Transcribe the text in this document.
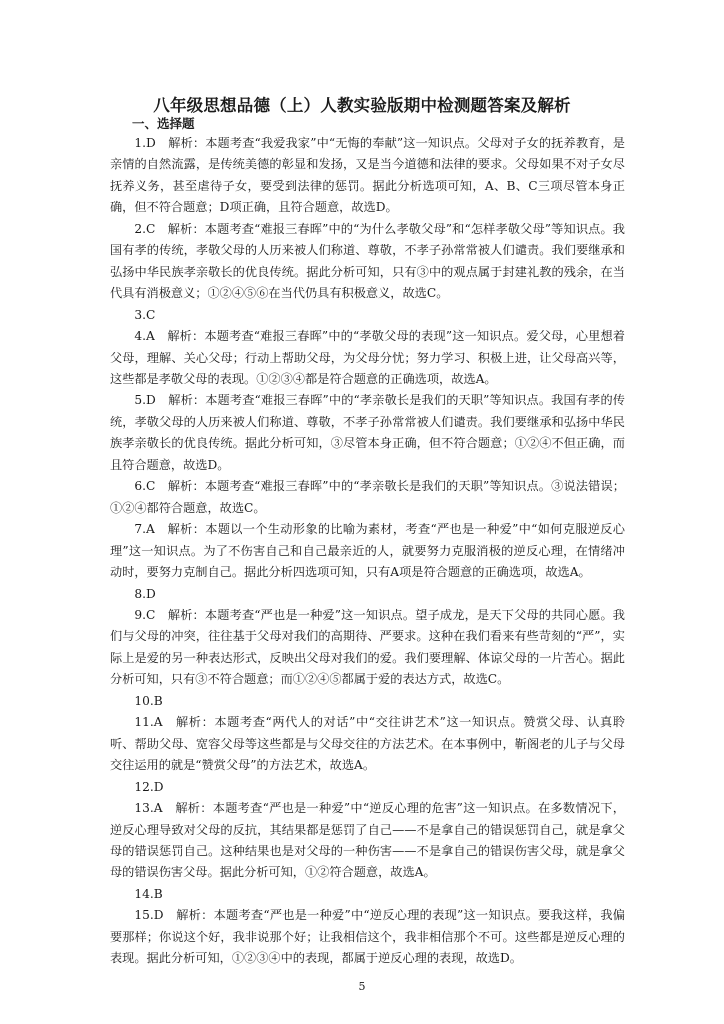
八年级思想品德（上）人教实验版期中检测题答案及解析
一、选择题

1.D　解析：本题考查“我爱我家”中“无悔的奉献”这一知识点。父母对子女的抚养教育，是亲情的自然流露，是传统美德的彰显和发扬，又是当今道德和法律的要求。父母如果不对子女尽抚养义务，甚至虐待子女，要受到法律的惩罚。据此分析选项可知，A、B、C三项尽管本身正确，但不符合题意；D项正确，且符合题意，故选D。

2.C　解析：本题考查“难报三春晖”中的“为什么孝敬父母”和“怎样孝敬父母”等知识点。我国有孝的传统，孝敬父母的人历来被人们称道、尊敬，不孝子孙常常被人们谴责。我们要继承和弘扬中华民族孝亲敬长的优良传统。据此分析可知，只有③中的观点属于封建礼教的残余，在当代具有消极意义；①②④⑤⑥在当代仍具有积极意义，故选C。

3.C

4.A　解析：本题考查“难报三春晖”中的“孝敬父母的表现”这一知识点。爱父母，心里想着父母，理解、关心父母；行动上帮助父母，为父母分忧；努力学习、积极上进，让父母高兴等，这些都是孝敬父母的表现。①②③④都是符合题意的正确选项，故选A。

5.D　解析：本题考查“难报三春晖”中的“孝亲敬长是我们的天职”等知识点。我国有孝的传统，孝敬父母的人历来被人们称道、尊敬，不孝子孙常常被人们谴责。我们要继承和弘扬中华民族孝亲敬长的优良传统。据此分析可知，③尽管本身正确，但不符合题意；①②④不但正确，而且符合题意，故选D。

6.C　解析：本题考查“难报三春晖”中的“孝亲敬长是我们的天职”等知识点。③说法错误；①②④都符合题意，故选C。

7.A　解析：本题以一个生动形象的比喻为素材，考查“严也是一种爱”中“如何克服逆反心理”这一知识点。为了不伤害自己和自己最亲近的人，就要努力克服消极的逆反心理，在情绪冲动时，要努力克制自己。据此分析四选项可知，只有A项是符合题意的正确选项，故选A。

8.D

9.C　解析：本题考查“严也是一种爱”这一知识点。望子成龙，是天下父母的共同心愿。我们与父母的冲突，往往基于父母对我们的高期待、严要求。这种在我们看来有些苛刻的“严”，实际上是爱的另一种表达形式，反映出父母对我们的爱。我们要理解、体谅父母的一片苦心。据此分析可知，只有③不符合题意；而①②④⑤都属于爱的表达方式，故选C。

10.B

11.A　解析：本题考查“两代人的对话”中“交往讲艺术”这一知识点。赞赏父母、认真聆听、帮助父母、宽容父母等这些都是与父母交往的方法艺术。在本事例中，靳阁老的儿子与父母交往运用的就是“赞赏父母”的方法艺术，故选A。

12.D

13.A　解析：本题考查“严也是一种爱”中“逆反心理的危害”这一知识点。在多数情况下，逆反心理导致对父母的反抗，其结果都是惩罚了自己——不是拿自己的错误惩罚自己，就是拿父母的错误惩罚自己。这种结果也是对父母的一种伤害——不是拿自己的错误伤害父母，就是拿父母的错误伤害父母。据此分析可知，①②符合题意，故选A。

14.B

15.D　解析：本题考查“严也是一种爱”中“逆反心理的表现”这一知识点。要我这样，我偏要那样；你说这个好，我非说那个好；让我相信这个，我非相信那个不可。这些都是逆反心理的表现。据此分析可知，①②③④中的表现，都属于逆反心理的表现，故选D。

5
